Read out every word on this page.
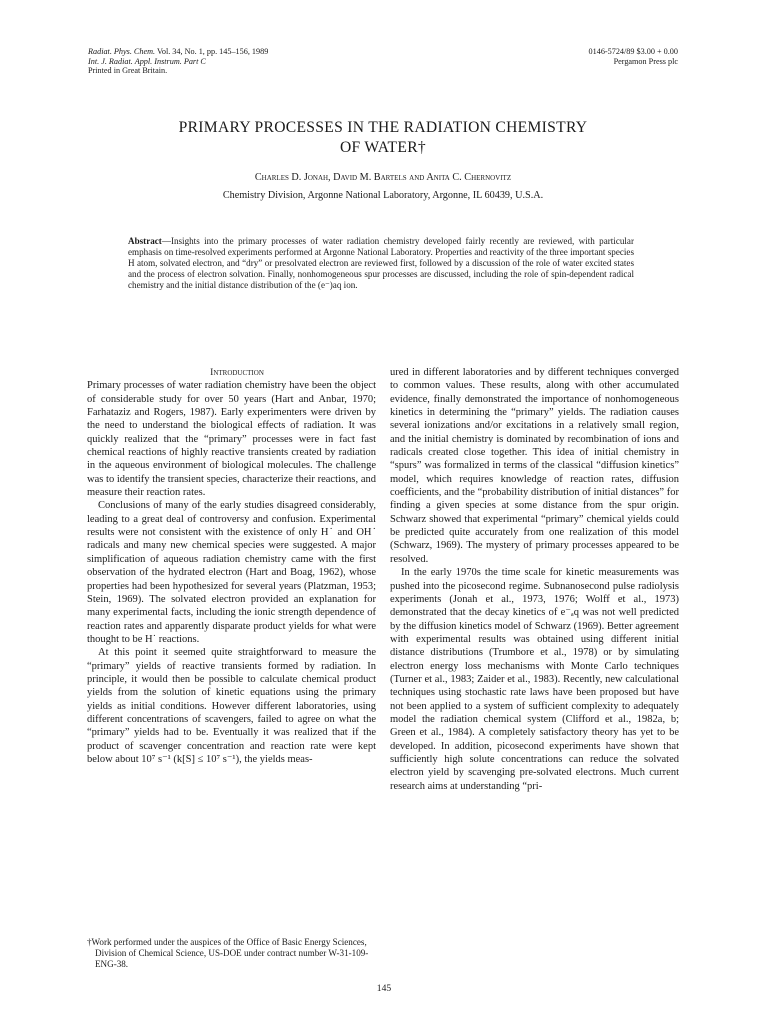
Radiat. Phys. Chem. Vol. 34, No. 1, pp. 145–156, 1989
Int. J. Radiat. Appl. Instrum. Part C
Printed in Great Britain.
0146-5724/89 $3.00 + 0.00
Pergamon Press plc
PRIMARY PROCESSES IN THE RADIATION CHEMISTRY
OF WATER†
Charles D. Jonah, David M. Bartels and Anita C. Chernovitz
Chemistry Division, Argonne National Laboratory, Argonne, IL 60439, U.S.A.
Abstract—Insights into the primary processes of water radiation chemistry developed fairly recently are reviewed, with particular emphasis on time-resolved experiments performed at Argonne National Laboratory. Properties and reactivity of the three important species H atom, solvated electron, and “dry” or presolvated electron are reviewed first, followed by a discussion of the role of water excited states and the process of electron solvation. Finally, nonhomogeneous spur processes are discussed, including the role of spin-dependent radical chemistry and the initial distance distribution of the (e⁻)aq ion.

Introduction

Primary processes of water radiation chemistry have been the object of considerable study for over 50 years (Hart and Anbar, 1970; Farhataziz and Rogers, 1987). Early experimenters were driven by the need to understand the biological effects of radiation. It was quickly realized that the “primary” processes were in fact fast chemical reactions of highly reactive transients created by radiation in the aqueous environment of biological molecules. The challenge was to identify the transient species, characterize their reactions, and measure their reaction rates.

Conclusions of many of the early studies disagreed considerably, leading to a great deal of controversy and confusion. Experimental results were not consistent with the existence of only H˙ and OH˙ radicals and many new chemical species were suggested. A major simplification of aqueous radiation chemistry came with the first observation of the hydrated electron (Hart and Boag, 1962), whose properties had been hypothesized for several years (Platzman, 1953; Stein, 1969). The solvated electron provided an explanation for many experimental facts, including the ionic strength dependence of reaction rates and apparently disparate product yields for what were thought to be H˙ reactions.

At this point it seemed quite straightforward to measure the “primary” yields of reactive transients formed by radiation. In principle, it would then be possible to calculate chemical product yields from the solution of kinetic equations using the primary yields as initial conditions. However different laboratories, using different concentrations of scavengers, failed to agree on what the “primary” yields had to be. Eventually it was realized that if the product of scavenger concentration and reaction rate were kept below about 10⁷ s⁻¹ (k[S] ≤ 10⁷ s⁻¹), the yields meas-

ured in different laboratories and by different techniques converged to common values. These results, along with other accumulated evidence, finally demonstrated the importance of nonhomogeneous kinetics in determining the “primary” yields. The radiation causes several ionizations and/or excitations in a relatively small region, and the initial chemistry is dominated by recombination of ions and radicals created close together. This idea of initial chemistry in “spurs” was formalized in terms of the classical “diffusion kinetics” model, which requires knowledge of reaction rates, diffusion coefficients, and the “probability distribution of initial distances” for finding a given species at some distance from the spur origin. Schwarz showed that experimental “primary” chemical yields could be predicted quite accurately from one realization of this model (Schwarz, 1969). The mystery of primary processes appeared to be resolved.

In the early 1970s the time scale for kinetic measurements was pushed into the picosecond regime. Subnanosecond pulse radiolysis experiments (Jonah et al., 1973, 1976; Wolff et al., 1973) demonstrated that the decay kinetics of e⁻ₐq was not well predicted by the diffusion kinetics model of Schwarz (1969). Better agreement with experimental results was obtained using different initial distance distributions (Trumbore et al., 1978) or by simulating electron energy loss mechanisms with Monte Carlo techniques (Turner et al., 1983; Zaider et al., 1983). Recently, new calculational techniques using stochastic rate laws have been proposed but have not been applied to a system of sufficient complexity to adequately model the radiation chemical system (Clifford et al., 1982a, b; Green et al., 1984). A completely satisfactory theory has yet to be developed. In addition, picosecond experiments have shown that sufficiently high solute concentrations can reduce the solvated electron yield by scavenging pre-solvated electrons. Much current research aims at understanding “pri-

†Work performed under the auspices of the Office of Basic Energy Sciences, Division of Chemical Science, US-DOE under contract number W-31-109-ENG-38.

145
